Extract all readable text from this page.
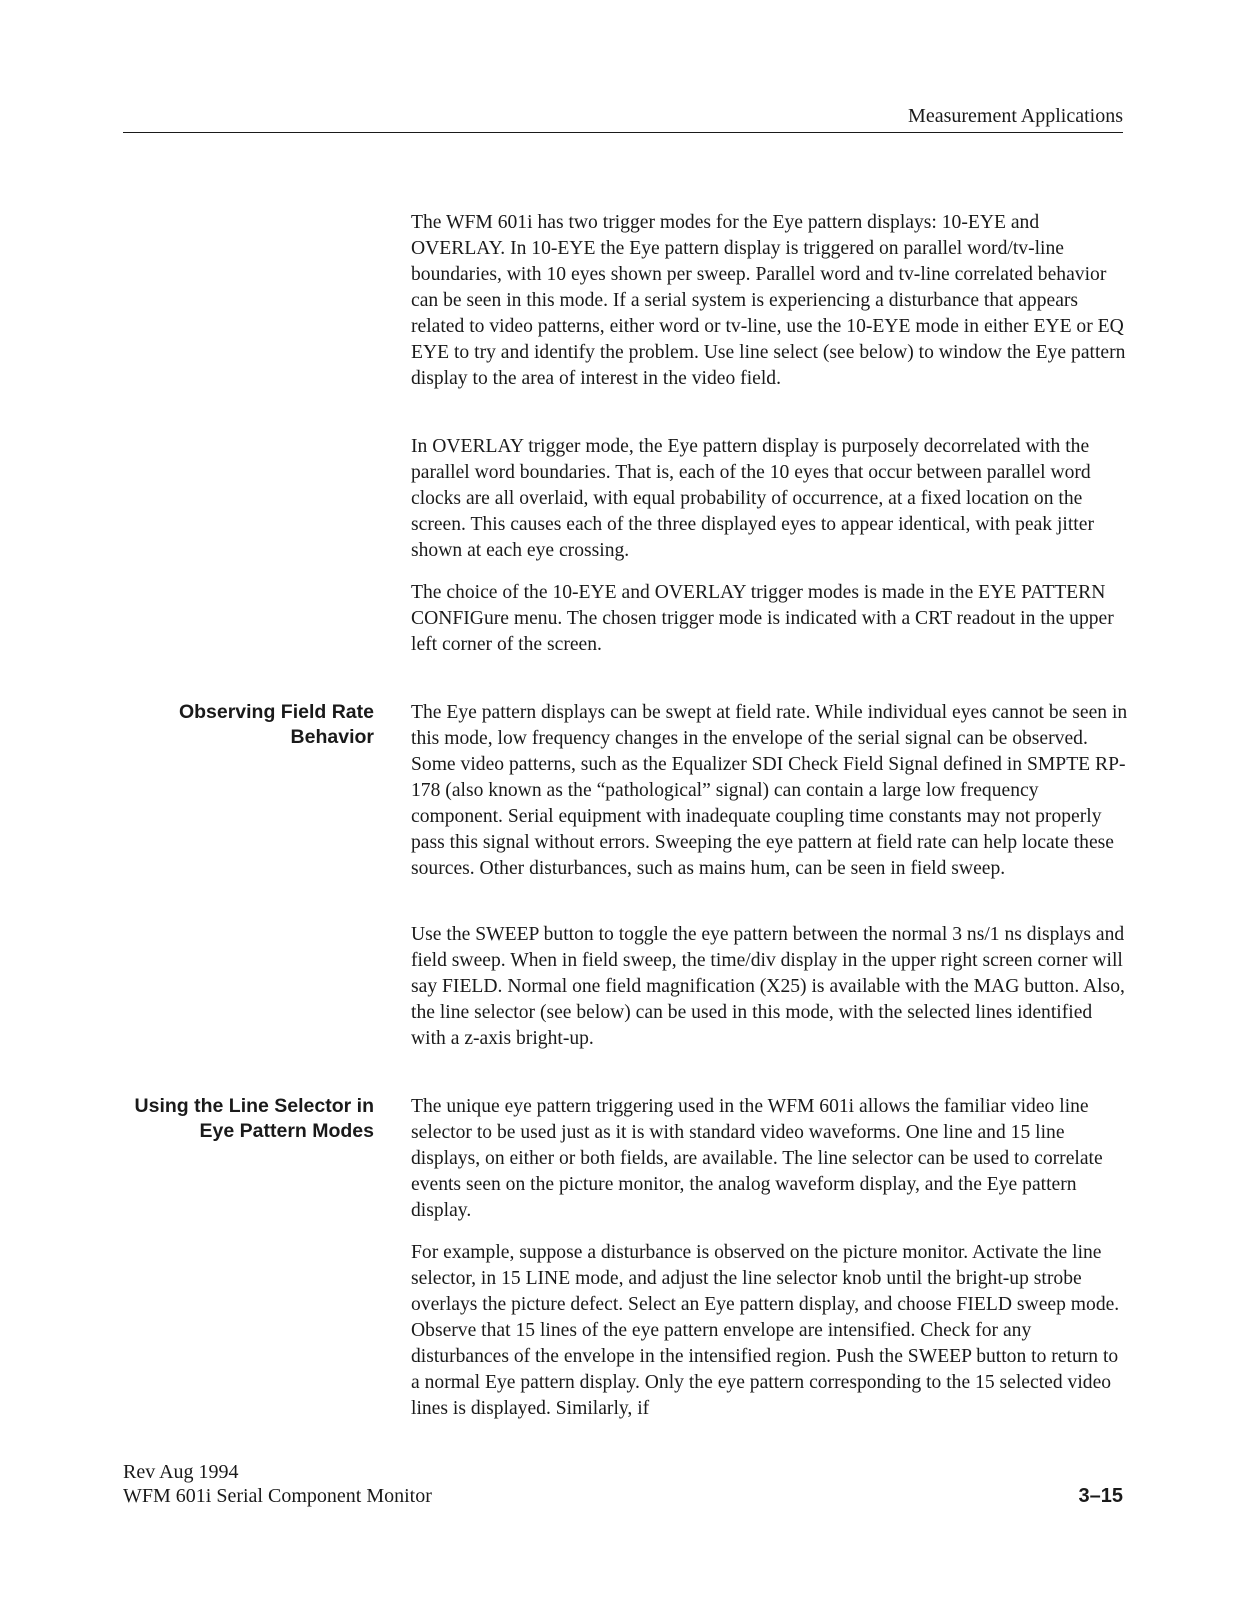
Measurement Applications

The WFM 601i has two trigger modes for the Eye pattern displays: 10-EYE and OVERLAY. In 10-EYE the Eye pattern display is triggered on parallel word/tv-line boundaries, with 10 eyes shown per sweep. Parallel word and tv-line correlated behavior can be seen in this mode. If a serial system is experiencing a disturbance that appears related to video patterns, either word or tv-line, use the 10-EYE mode in either EYE or EQ EYE to try and identify the problem. Use line select (see below) to window the Eye pattern display to the area of interest in the video field.

In OVERLAY trigger mode, the Eye pattern display is purposely decorrelated with the parallel word boundaries. That is, each of the 10 eyes that occur between parallel word clocks are all overlaid, with equal probability of occurrence, at a fixed location on the screen. This causes each of the three displayed eyes to appear identical, with peak jitter shown at each eye crossing.

The choice of the 10-EYE and OVERLAY trigger modes is made in the EYE PATTERN CONFIGure menu. The chosen trigger mode is indicated with a CRT readout in the upper left corner of the screen.

Observing Field Rate
Behavior

The Eye pattern displays can be swept at field rate. While individual eyes cannot be seen in this mode, low frequency changes in the envelope of the serial signal can be observed. Some video patterns, such as the Equalizer SDI Check Field Signal defined in SMPTE RP-178 (also known as the “pathological” signal) can contain a large low frequency component. Serial equipment with inadequate coupling time constants may not properly pass this signal without errors. Sweeping the eye pattern at field rate can help locate these sources. Other disturbances, such as mains hum, can be seen in field sweep.

Use the SWEEP button to toggle the eye pattern between the normal 3 ns/1 ns displays and field sweep. When in field sweep, the time/div display in the upper right screen corner will say FIELD. Normal one field magnification (X25) is available with the MAG button. Also, the line selector (see below) can be used in this mode, with the selected lines identified with a z-axis bright-up.

Using the Line Selector in
Eye Pattern Modes

The unique eye pattern triggering used in the WFM 601i allows the familiar video line selector to be used just as it is with standard video waveforms. One line and 15 line displays, on either or both fields, are available. The line selector can be used to correlate events seen on the picture monitor, the analog waveform display, and the Eye pattern display.

For example, suppose a disturbance is observed on the picture monitor. Activate the line selector, in 15 LINE mode, and adjust the line selector knob until the bright-up strobe overlays the picture defect. Select an Eye pattern display, and choose FIELD sweep mode. Observe that 15 lines of the eye pattern envelope are intensified. Check for any disturbances of the envelope in the intensified region. Push the SWEEP button to return to a normal Eye pattern display. Only the eye pattern corresponding to the 15 selected video lines is displayed. Similarly, if

Rev Aug 1994
WFM 601i Serial Component Monitor	3–15
